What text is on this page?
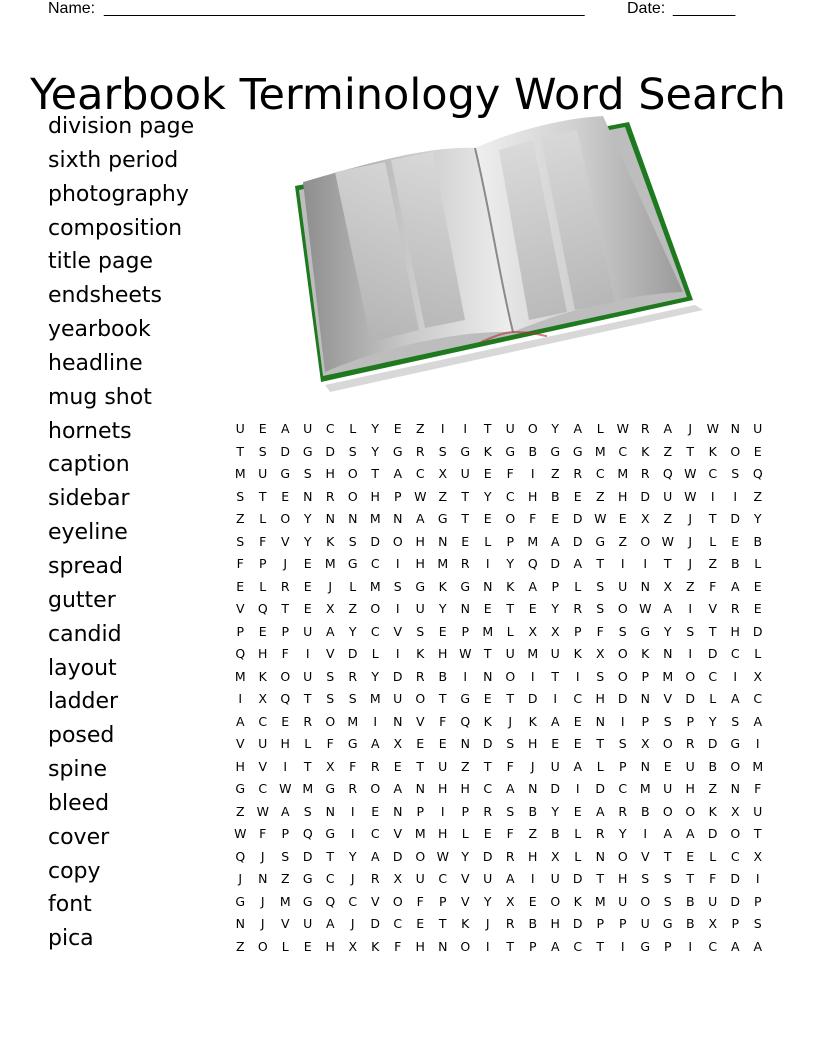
Name: ______________________________________________________	Date: _______
Yearbook Terminology Word Search
division page
sixth period
photography
composition
title page
endsheets
yearbook
headline
mug shot
hornets
caption
sidebar
eyeline
spread
gutter
candid
layout
ladder
posed
spine
bleed
cover
copy
font
pica
U	E	A	U	C	L	Y	E	Z	I	I	T	U	O	Y	A	L	W R	A	J	W N	U
T	S	D	G	D	S	Y	G	R	S	G	K	G	B	G	G M	C	K	Z	T	K	O	E
M	U	G	S	H	O	T	A	C	X	U	E	F	I	Z	R	C	M	R	Q W C	S	Q
S	T	E	N	R	O	H	P	W Z	T	Y	C	H	B	E	Z	H	D	U W	I	I	Z
Z	L	O	Y	N	N M N	A	G	T	E	O	F	E	D W E	X	Z	J	T	D	Y
S	F	V	Y	K	S	D	O	H	N	E	L	P	M	A	D	G	Z	O W	J	L	E	B
F	P	J	E	M G	C	I	H M	R	I	Y	Q	D	A	T	I	I	T	J	Z	B	L
E	L	R	E	J	L	M	S	G	K	G	N	K	A	P	L	S	U	N	X	Z	F	A	E
V	Q	T	E	X	Z	O	I	U	Y	N	E	T	E	Y	R	S	O W A	I	V	R	E
P	E	P	U	A	Y	C	V	S	E	P	M	L	X	X	P	F	S	G	Y	S	T	H	D
Q	H	F	I	V	D	L	I	K	H W T	U	M	U	K	X	O	K	N	I	D	C	L
M	K	O	U	S	R	Y	D	R	B	I	N	O	I	T	I	S	O	P	M O	C	I	X
I	X	Q	T	S	S	M	U	O	T	G	E	T	D	I	C	H	D	N	V	D	L	A	C
A	C	E	R	O M	I	N	V	F	Q	K	J	K	A	E	N	I	P	S	P	Y	S	A
V	U	H	L	F	G	A	X	E	E	N	D	S	H	E	E	T	S	X	O	R	D	G	I
H	V	I	T	X	F	R	E	T	U	Z	T	F	J	U	A	L	P	N	E	U	B	O M
G	C W M G	R	O	A	N	H	H	C	A	N	D	I	D	C	M	U	H	Z	N	F
Z W A	S	N	I	E	N	P	I	P	R	S	B	Y	E	A	R	B	O	O	K	X	U
W	F	P	Q	G	I	C	V	M H	L	E	F	Z	B	L	R	Y	I	A	A	D	O	T
Q	J	S	D	T	Y	A	D	O W Y	D	R	H	X	L	N	O	V	T	E	L	C	X
J	N	Z	G	C	J	R	X	U	C	V	U	A	I	U	D	T	H	S	S	T	F	D	I
G	J	M G	Q	C	V	O	F	P	V	Y	X	E	O	K	M	U	O	S	B	U	D	P
N	J	V	U	A	J	D	C	E	T	K	J	R	B	H	D	P	P	U	G	B	X	P	S
Z	O	L	E	H	X	K	F	H	N	O	I	T	P	A	C	T	I	G	P	I	C	A	A
